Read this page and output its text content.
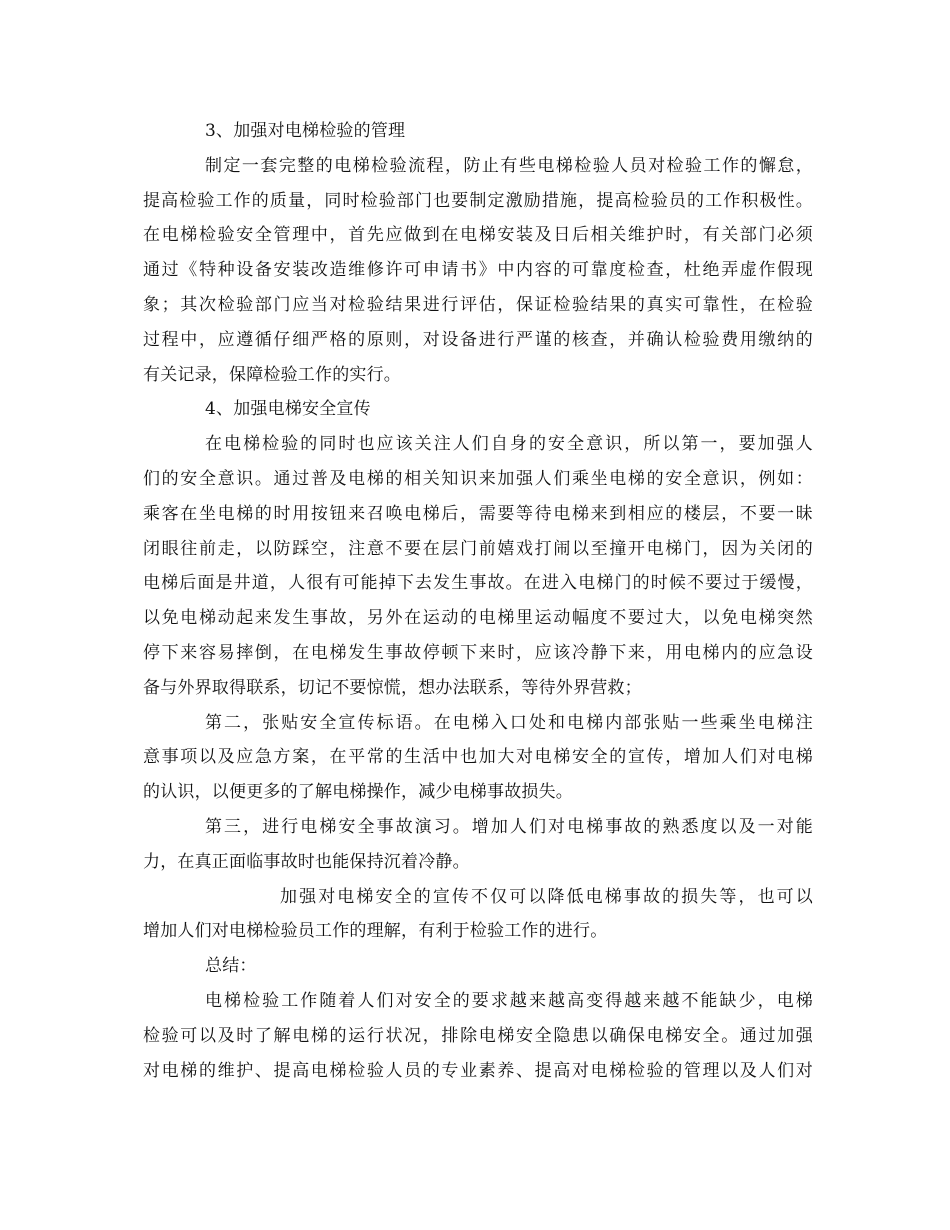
3、加强对电梯检验的管理
制定一套完整的电梯检验流程，防止有些电梯检验人员对检验工作的懈怠，
提高检验工作的质量，同时检验部门也要制定激励措施，提高检验员的工作积极性。
在电梯检验安全管理中，首先应做到在电梯安装及日后相关维护时，有关部门必须
通过《特种设备安装改造维修许可申请书》中内容的可靠度检查，杜绝弄虚作假现
象；其次检验部门应当对检验结果进行评估，保证检验结果的真实可靠性，在检验
过程中，应遵循仔细严格的原则，对设备进行严谨的核查，并确认检验费用缴纳的
有关记录，保障检验工作的实行。
4、加强电梯安全宣传
在电梯检验的同时也应该关注人们自身的安全意识，所以第一，要加强人
们的安全意识。通过普及电梯的相关知识来加强人们乘坐电梯的安全意识，例如：
乘客在坐电梯的时用按钮来召唤电梯后，需要等待电梯来到相应的楼层，不要一昧
闭眼往前走，以防踩空，注意不要在层门前嬉戏打闹以至撞开电梯门，因为关闭的
电梯后面是井道，人很有可能掉下去发生事故。在进入电梯门的时候不要过于缓慢，
以免电梯动起来发生事故，另外在运动的电梯里运动幅度不要过大，以免电梯突然
停下来容易摔倒，在电梯发生事故停顿下来时，应该冷静下来，用电梯内的应急设
备与外界取得联系，切记不要惊慌，想办法联系，等待外界营救；
第二，张贴安全宣传标语。在电梯入口处和电梯内部张贴一些乘坐电梯注
意事项以及应急方案，在平常的生活中也加大对电梯安全的宣传，增加人们对电梯
的认识，以便更多的了解电梯操作，减少电梯事故损失。
第三，进行电梯安全事故演习。增加人们对电梯事故的熟悉度以及一对能
力，在真正面临事故时也能保持沉着冷静。
加强对电梯安全的宣传不仅可以降低电梯事故的损失等，也可以
增加人们对电梯检验员工作的理解，有利于检验工作的进行。
总结：
电梯检验工作随着人们对安全的要求越来越高变得越来越不能缺少，电梯
检验可以及时了解电梯的运行状况，排除电梯安全隐患以确保电梯安全。通过加强
对电梯的维护、提高电梯检验人员的专业素养、提高对电梯检验的管理以及人们对
